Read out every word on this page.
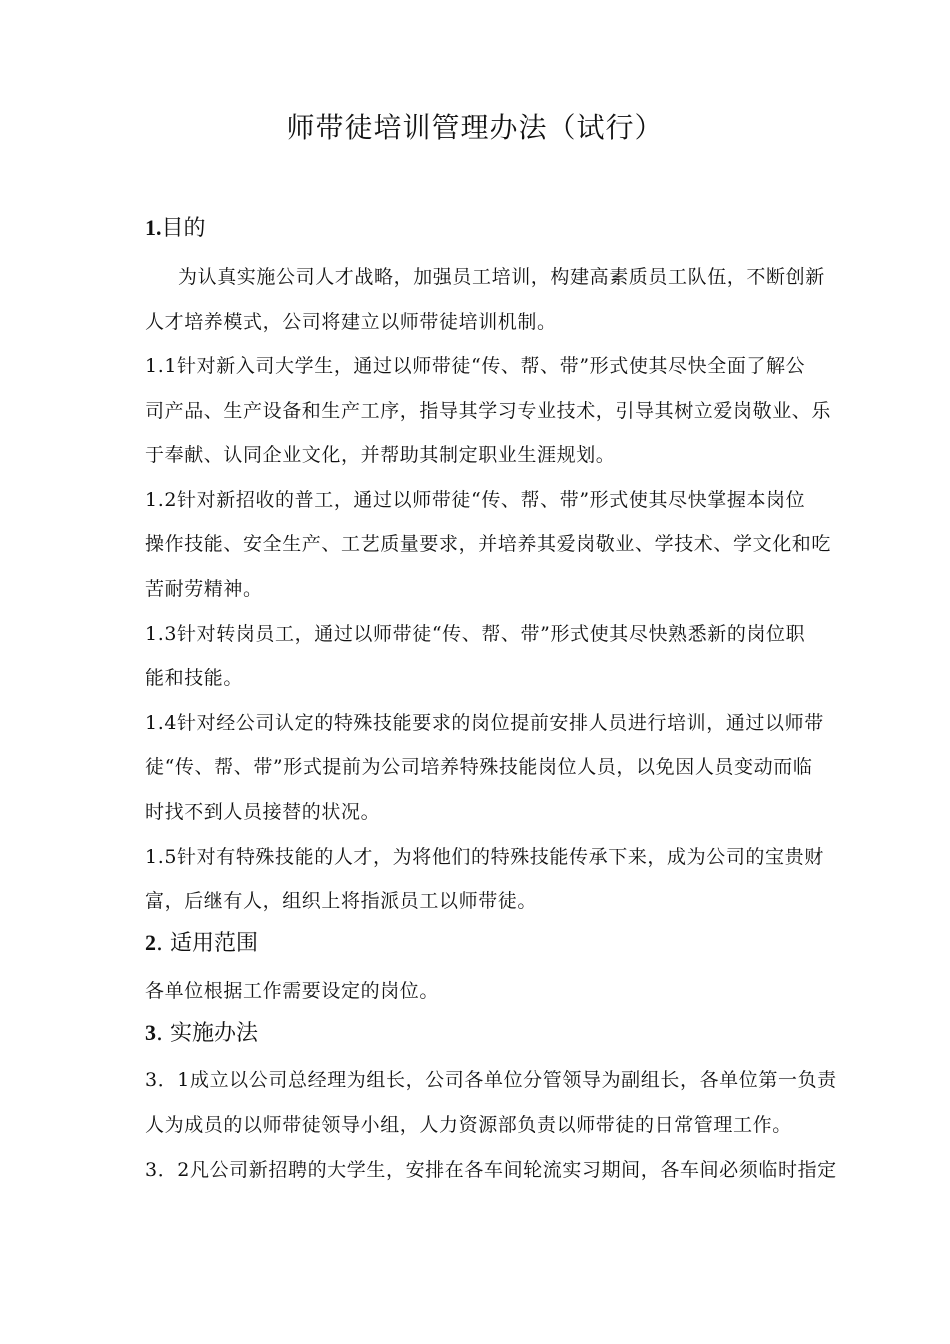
师带徒培训管理办法（试行）
1.目的
为认真实施公司人才战略，加强员工培训，构建高素质员工队伍，不断创新
人才培养模式，公司将建立以师带徒培训机制。
1.1针对新入司大学生，通过以师带徒“传、帮、带”形式使其尽快全面了解公
司产品、生产设备和生产工序，指导其学习专业技术，引导其树立爱岗敬业、乐
于奉献、认同企业文化，并帮助其制定职业生涯规划。
1.2针对新招收的普工，通过以师带徒“传、帮、带”形式使其尽快掌握本岗位
操作技能、安全生产、工艺质量要求，并培养其爱岗敬业、学技术、学文化和吃
苦耐劳精神。
1.3针对转岗员工，通过以师带徒“传、帮、带”形式使其尽快熟悉新的岗位职
能和技能。
1.4针对经公司认定的特殊技能要求的岗位提前安排人员进行培训，通过以师带
徒“传、帮、带”形式提前为公司培养特殊技能岗位人员，以免因人员变动而临
时找不到人员接替的状况。
1.5针对有特殊技能的人才，为将他们的特殊技能传承下来，成为公司的宝贵财
富，后继有人，组织上将指派员工以师带徒。
2. 适用范围
各单位根据工作需要设定的岗位。
3. 实施办法
3．1成立以公司总经理为组长，公司各单位分管领导为副组长，各单位第一负责
人为成员的以师带徒领导小组，人力资源部负责以师带徒的日常管理工作。
3．2凡公司新招聘的大学生，安排在各车间轮流实习期间，各车间必须临时指定
